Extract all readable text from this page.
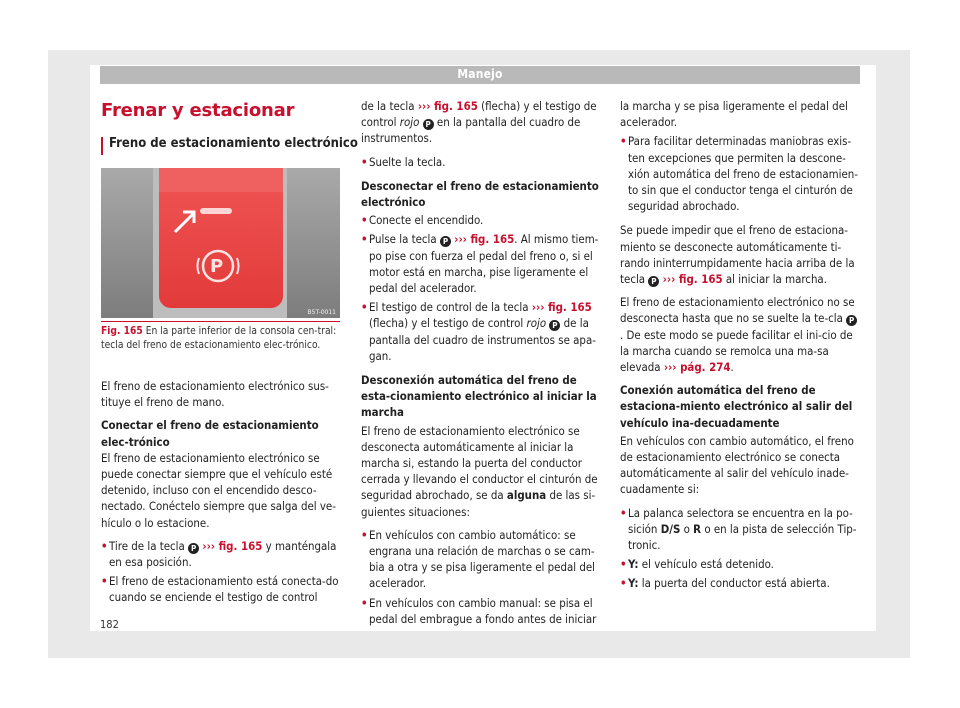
Manejo
Frenar y estacionar
Freno de estacionamiento electrónico
P
B5T-0011
Fig. 165 En la parte inferior de la consola cen-tral: tecla del freno de estacionamiento elec-trónico.

El freno de estacionamiento electrónico sus-tituye el freno de mano.

Conectar el freno de estacionamiento elec-trónico

El freno de estacionamiento electrónico se puede conectar siempre que el vehículo esté detenido, incluso con el encendido desco-nectado. Conéctelo siempre que salga del ve-hículo o lo estacione.

• Tire de la tecla P ››› fig. 165 y manténgala en esa posición.
• El freno de estacionamiento está conecta-do cuando se enciende el testigo de control

de la tecla ››› fig. 165 (flecha) y el testigo de control rojo P en la pantalla del cuadro de instrumentos.

• Suelte la tecla.

Desconectar el freno de estacionamiento electrónico

• Conecte el encendido.
• Pulse la tecla P ››› fig. 165. Al mismo tiem-po pise con fuerza el pedal del freno o, si el motor está en marcha, pise ligeramente el pedal del acelerador.
• El testigo de control de la tecla ››› fig. 165 (flecha) y el testigo de control rojo P de la pantalla del cuadro de instrumentos se apa-gan.

Desconexión automática del freno de esta-cionamiento electrónico al iniciar la marcha

El freno de estacionamiento electrónico se desconecta automáticamente al iniciar la marcha si, estando la puerta del conductor cerrada y llevando el conductor el cinturón de seguridad abrochado, se da alguna de las si-guientes situaciones:

• En vehículos con cambio automático: se engrana una relación de marchas o se cam-bia a otra y se pisa ligeramente el pedal del acelerador.
• En vehículos con cambio manual: se pisa el pedal del embrague a fondo antes de iniciar

la marcha y se pisa ligeramente el pedal del acelerador.

• Para facilitar determinadas maniobras exis-ten excepciones que permiten la descone-xión automática del freno de estacionamien-to sin que el conductor tenga el cinturón de seguridad abrochado.

Se puede impedir que el freno de estaciona-miento se desconecte automáticamente ti-rando ininterrumpidamente hacia arriba de la tecla P ››› fig. 165 al iniciar la marcha.

El freno de estacionamiento electrónico no se desconecta hasta que no se suelte la te-cla P. De este modo se puede facilitar el ini-cio de la marcha cuando se remolca una ma-sa elevada ››› pág. 274.

Conexión automática del freno de estaciona-miento electrónico al salir del vehículo ina-decuadamente

En vehículos con cambio automático, el freno de estacionamiento electrónico se conecta automáticamente al salir del vehículo inade-cuadamente si:

• La palanca selectora se encuentra en la po-sición D/S o R o en la pista de selección Tip-tronic.
• Y: el vehículo está detenido.
• Y: la puerta del conductor está abierta.
182
